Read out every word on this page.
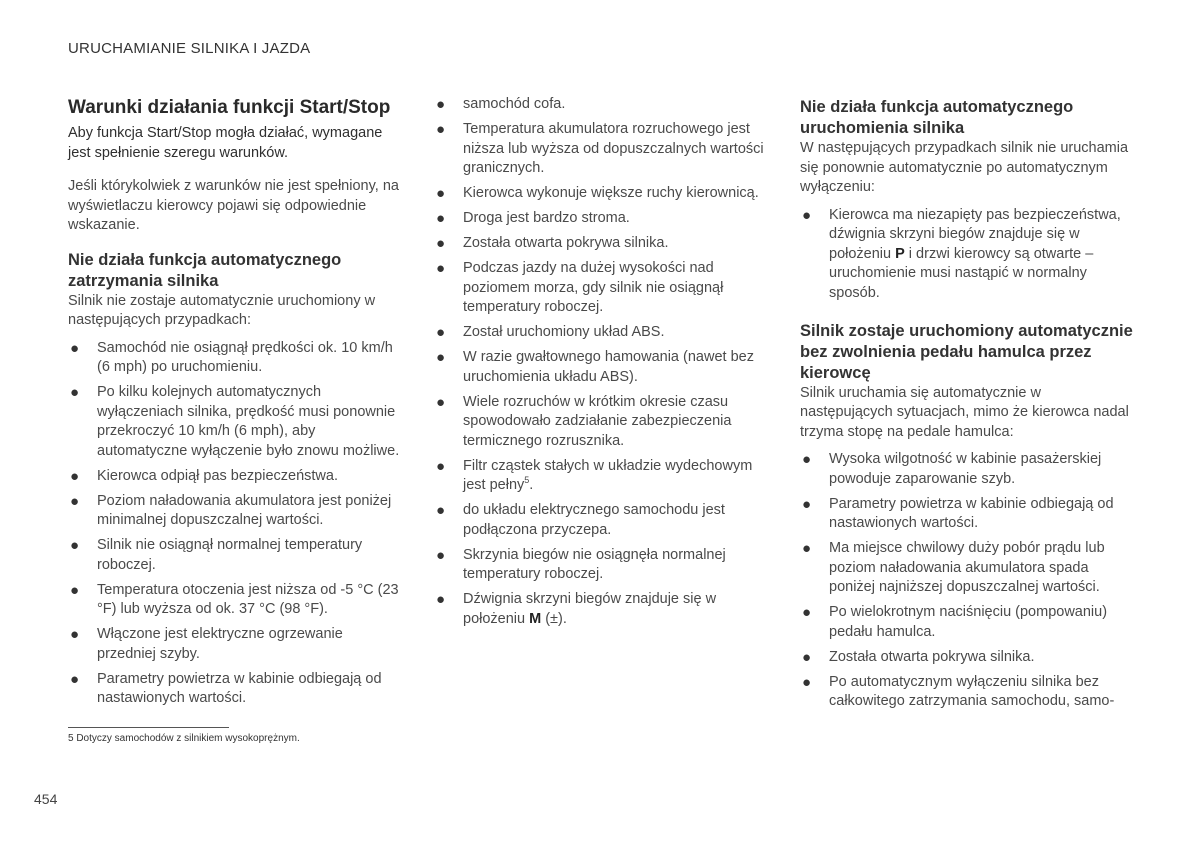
URUCHAMIANIE SILNIKA I JAZDA
Warunki działania funkcji Start/Stop

Aby funkcja Start/Stop mogła działać, wymagane jest spełnienie szeregu warunków.

Jeśli którykolwiek z warunków nie jest spełniony, na wyświetlaczu kierowcy pojawi się odpowiednie wskazanie.

Nie działa funkcja automatycznego zatrzymania silnika

Silnik nie zostaje automatycznie uruchomiony w następujących przypadkach:

● Samochód nie osiągnął prędkości ok. 10 km/h (6 mph) po uruchomieniu.
● Po kilku kolejnych automatycznych wyłączeniach silnika, prędkość musi ponownie przekroczyć 10 km/h (6 mph), aby automatyczne wyłączenie było znowu możliwe.
● Kierowca odpiął pas bezpieczeństwa.
● Poziom naładowania akumulatora jest poniżej minimalnej dopuszczalnej wartości.
● Silnik nie osiągnął normalnej temperatury roboczej.
● Temperatura otoczenia jest niższa od -5 °C (23 °F) lub wyższa od ok. 37 °C (98 °F).
● Włączone jest elektryczne ogrzewanie przedniej szyby.
● Parametry powietrza w kabinie odbiegają od nastawionych wartości.
● samochód cofa.
● Temperatura akumulatora rozruchowego jest niższa lub wyższa od dopuszczalnych wartości granicznych.
● Kierowca wykonuje większe ruchy kierownicą.
● Droga jest bardzo stroma.
● Została otwarta pokrywa silnika.
● Podczas jazdy na dużej wysokości nad poziomem morza, gdy silnik nie osiągnął temperatury roboczej.
● Został uruchomiony układ ABS.
● W razie gwałtownego hamowania (nawet bez uruchomienia układu ABS).
● Wiele rozruchów w krótkim okresie czasu spowodowało zadziałanie zabezpieczenia termicznego rozrusznika.
● Filtr cząstek stałych w układzie wydechowym jest pełny$^5$.
● do układu elektrycznego samochodu jest podłączona przyczepa.
● Skrzynia biegów nie osiągnęła normalnej temperatury roboczej.
● Dźwignia skrzyni biegów znajduje się w położeniu M (±).
Nie działa funkcja automatycznego uruchomienia silnika

W następujących przypadkach silnik nie uruchamia się ponownie automatycznie po automatycznym wyłączeniu:

● Kierowca ma niezapięty pas bezpieczeństwa, dźwignia skrzyni biegów znajduje się w położeniu P i drzwi kierowcy są otwarte – uruchomienie musi nastąpić w normalny sposób.
Silnik zostaje uruchomiony automatycznie bez zwolnienia pedału hamulca przez kierowcę

Silnik uruchamia się automatycznie w następujących sytuacjach, mimo że kierowca nadal trzyma stopę na pedale hamulca:

● Wysoka wilgotność w kabinie pasażerskiej powoduje zaparowanie szyb.
● Parametry powietrza w kabinie odbiegają od nastawionych wartości.
● Ma miejsce chwilowy duży pobór prądu lub poziom naładowania akumulatora spada poniżej najniższej dopuszczalnej wartości.
● Po wielokrotnym naciśnięciu (pompowaniu) pedału hamulca.
● Została otwarta pokrywa silnika.
● Po automatycznym wyłączeniu silnika bez całkowitego zatrzymania samochodu, samo-
5 Dotyczy samochodów z silnikiem wysokoprężnym.
454
